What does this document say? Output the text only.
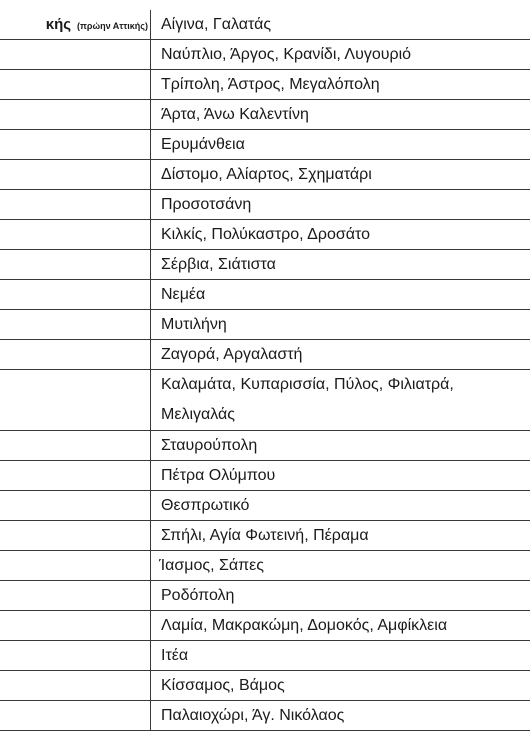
κής (πρώην Αττικής)	Αίγινα, Γαλατάς
	Ναύπλιο, Άργος, Κρανίδι, Λυγουριό
	Τρίπολη, Άστρος, Μεγαλόπολη
	Άρτα, Άνω Καλεντίνη
	Ερυμάνθεια
	Δίστομο, Αλίαρτος, Σχηματάρι
	Προσοτσάνη
	Κιλκίς, Πολύκαστρο, Δροσάτο
	Σέρβια, Σιάτιστα
	Νεμέα
	Μυτιλήνη
	Ζαγορά, Αργαλαστή
	Καλαμάτα, Κυπαρισσία, Πύλος, Φιλιατρά, Μελιγαλάς
	Σταυρούπολη
	Πέτρα Ολύμπου
	Θεσπρωτικό
	Σπήλι, Αγία Φωτεινή, Πέραμα
	Ίασμος, Σάπες
	Ροδόπολη
	Λαμία, Μακρακώμη, Δομοκός, Αμφίκλεια
	Ιτέα
	Κίσσαμος, Βάμος
	Παλαιοχώρι, Άγ. Νικόλαος
